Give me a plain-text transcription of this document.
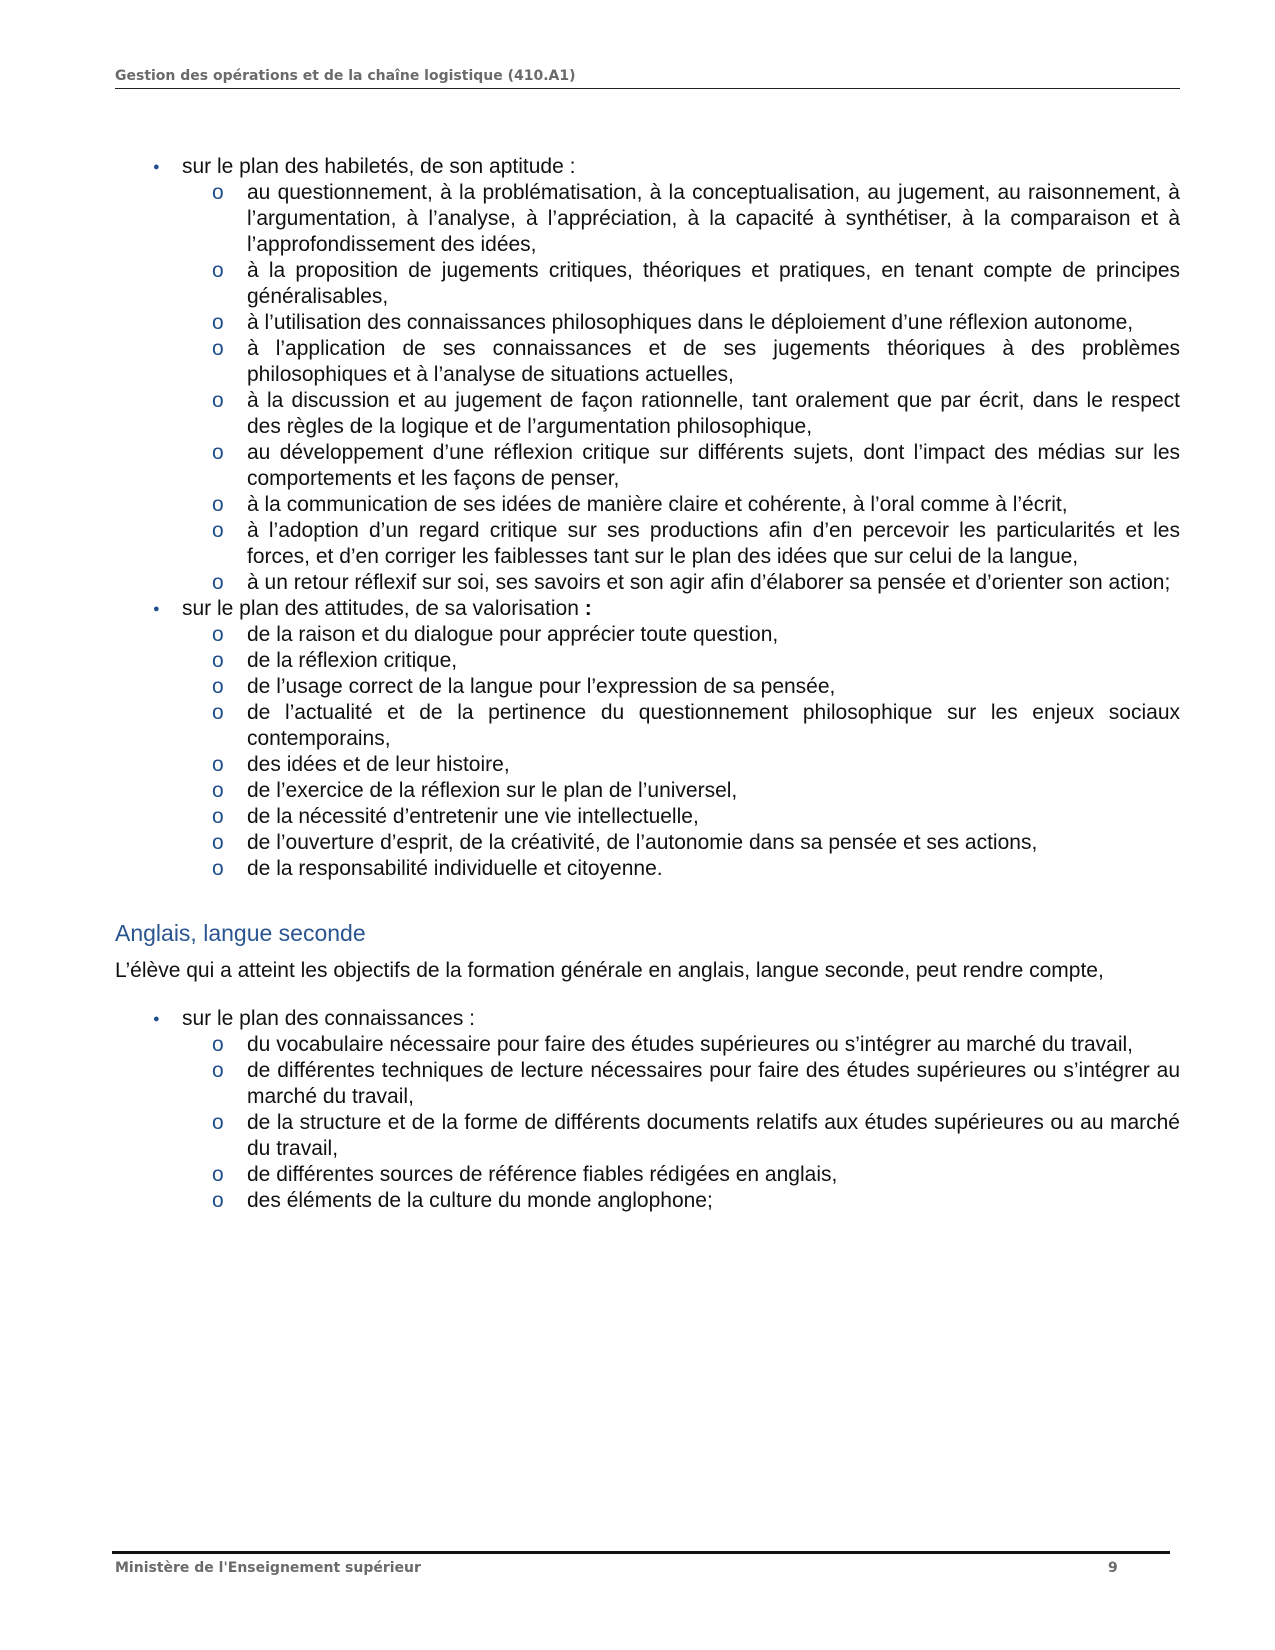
Gestion des opérations et de la chaîne logistique (410.A1)
● sur le plan des habiletés, de son aptitude :
o au questionnement, à la problématisation, à la conceptualisation, au jugement, au raisonnement, à l’argumentation, à l’analyse, à l’appréciation, à la capacité à synthétiser, à la comparaison et à l’approfondissement des idées,
o à la proposition de jugements critiques, théoriques et pratiques, en tenant compte de principes généralisables,
o à l’utilisation des connaissances philosophiques dans le déploiement d’une réflexion autonome,
o à l’application de ses connaissances et de ses jugements théoriques à des problèmes philosophiques et à l’analyse de situations actuelles,
o à la discussion et au jugement de façon rationnelle, tant oralement que par écrit, dans le respect des règles de la logique et de l’argumentation philosophique,
o au développement d’une réflexion critique sur différents sujets, dont l’impact des médias sur les comportements et les façons de penser,
o à la communication de ses idées de manière claire et cohérente, à l’oral comme à l’écrit,
o à l’adoption d’un regard critique sur ses productions afin d’en percevoir les particularités et les forces, et d’en corriger les faiblesses tant sur le plan des idées que sur celui de la langue,
o à un retour réflexif sur soi, ses savoirs et son agir afin d’élaborer sa pensée et d’orienter son action;
● sur le plan des attitudes, de sa valorisation :
o de la raison et du dialogue pour apprécier toute question,
o de la réflexion critique,
o de l’usage correct de la langue pour l’expression de sa pensée,
o de l’actualité et de la pertinence du questionnement philosophique sur les enjeux sociaux contemporains,
o des idées et de leur histoire,
o de l’exercice de la réflexion sur le plan de l’universel,
o de la nécessité d’entretenir une vie intellectuelle,
o de l’ouverture d’esprit, de la créativité, de l’autonomie dans sa pensée et ses actions,
o de la responsabilité individuelle et citoyenne.
Anglais, langue seconde

L’élève qui a atteint les objectifs de la formation générale en anglais, langue seconde, peut rendre compte,

● sur le plan des connaissances :
o du vocabulaire nécessaire pour faire des études supérieures ou s’intégrer au marché du travail,
o de différentes techniques de lecture nécessaires pour faire des études supérieures ou s’intégrer au marché du travail,
o de la structure et de la forme de différents documents relatifs aux études supérieures ou au marché du travail,
o de différentes sources de référence fiables rédigées en anglais,
o des éléments de la culture du monde anglophone;
Ministère de l'Enseignement supérieur	9
